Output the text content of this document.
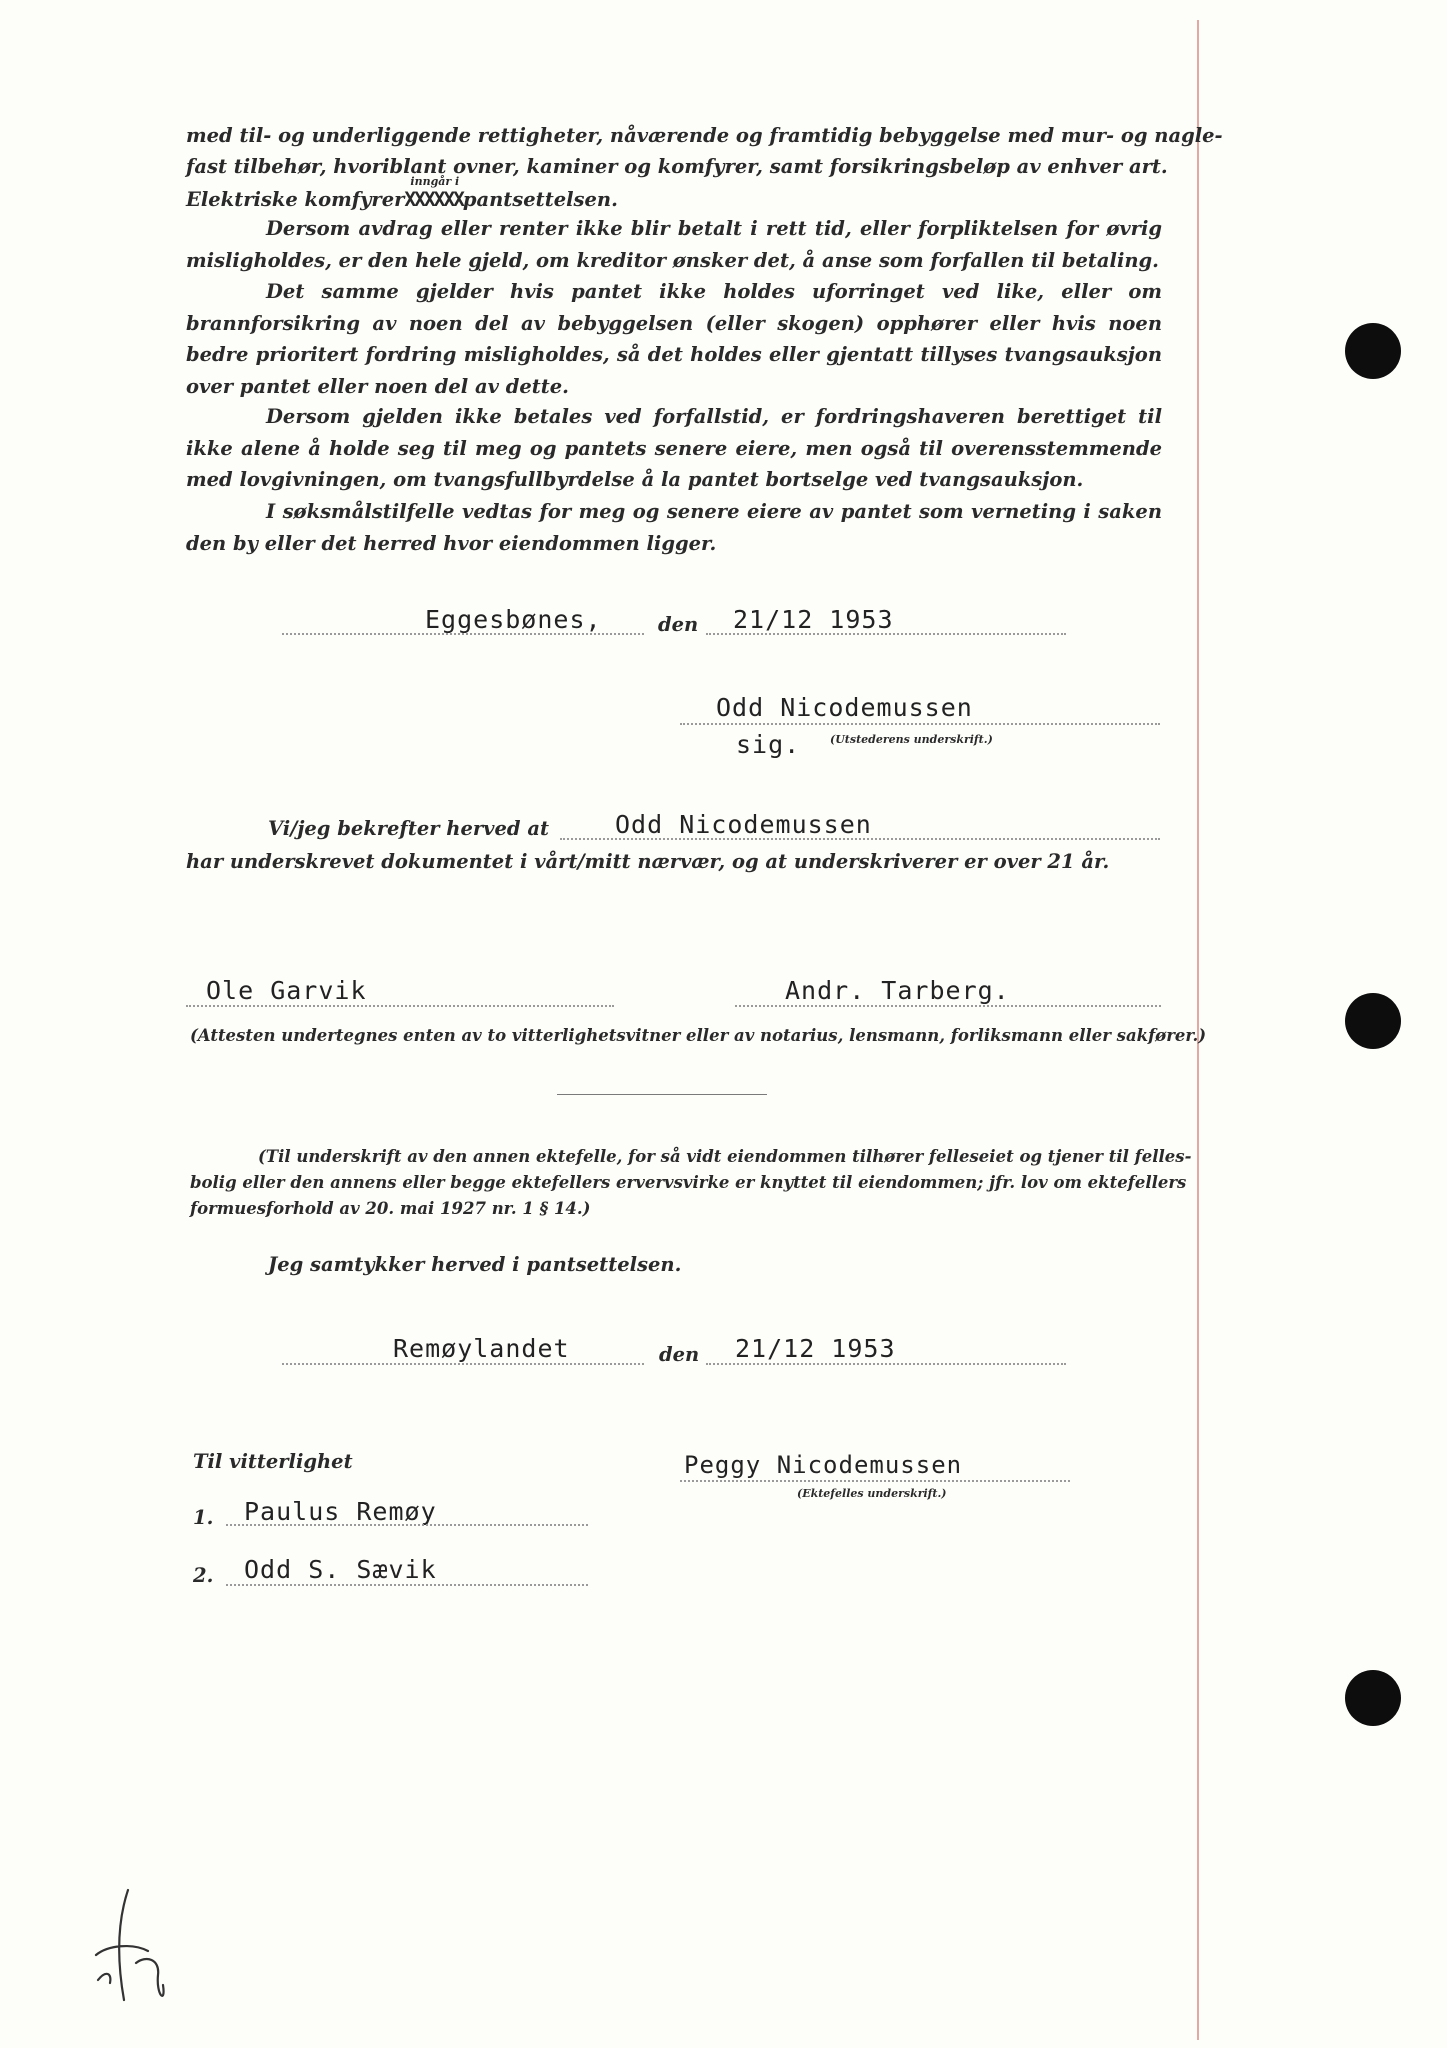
med til- og underliggende rettigheter, nåværende og framtidig bebyggelse med mur- og nagle-
fast tilbehør, hvoriblant ovner, kaminer og komfyrer, samt forsikringsbeløp av enhver art.
Elektriske komfyrer
inngår i
XXXXXXpantsettelsen.

Dersom avdrag eller renter ikke blir betalt i rett tid, eller forpliktelsen for øvrig misligholdes, er den hele gjeld, om kreditor ønsker det, å anse som forfallen til betaling.

Det samme gjelder hvis pantet ikke holdes uforringet ved like, eller om brannforsikring av noen del av bebyggelsen (eller skogen) opphører eller hvis noen bedre prioritert fordring misligholdes, så det holdes eller gjentatt tillyses tvangsauksjon over pantet eller noen del av dette.

Dersom gjelden ikke betales ved forfallstid, er fordringshaveren berettiget til ikke alene å holde seg til meg og pantets senere eiere, men også til overensstemmende med lovgivningen, om tvangsfullbyrdelse å la pantet bortselge ved tvangsauksjon.

I søksmålstilfelle vedtas for meg og senere eiere av pantet som verneting i saken den by eller det herred hvor eiendommen ligger.

Eggesbønes,	den 21/12 1953
Odd Nicodemussen
sig.	(Utstederens underskrift.)
Vi/jeg bekrefter herved at	Odd Nicodemussen
har underskrevet dokumentet i vårt/mitt nærvær, og at underskriverer er over 21 år.
Ole Garvik	Andr. Tarberg.
(Attesten undertegnes enten av to vitterlighetsvitner eller av notarius, lensmann, forliksmann eller sakfører.)
(Til underskrift av den annen ektefelle, for så vidt eiendommen tilhører felleseiet og tjener til felles-
bolig eller den annens eller begge ektefellers ervervsvirke er knyttet til eiendommen; jfr. lov om ektefellers
formuesforhold av 20. mai 1927 nr. 1 § 14.)
Jeg samtykker herved i pantsettelsen.
Remøylandet	den 21/12 1953
Peggy Nicodemussen
(Ektefelles underskrift.)
Til vitterlighet
1. Paulus Remøy
2. Odd S. Sævik
